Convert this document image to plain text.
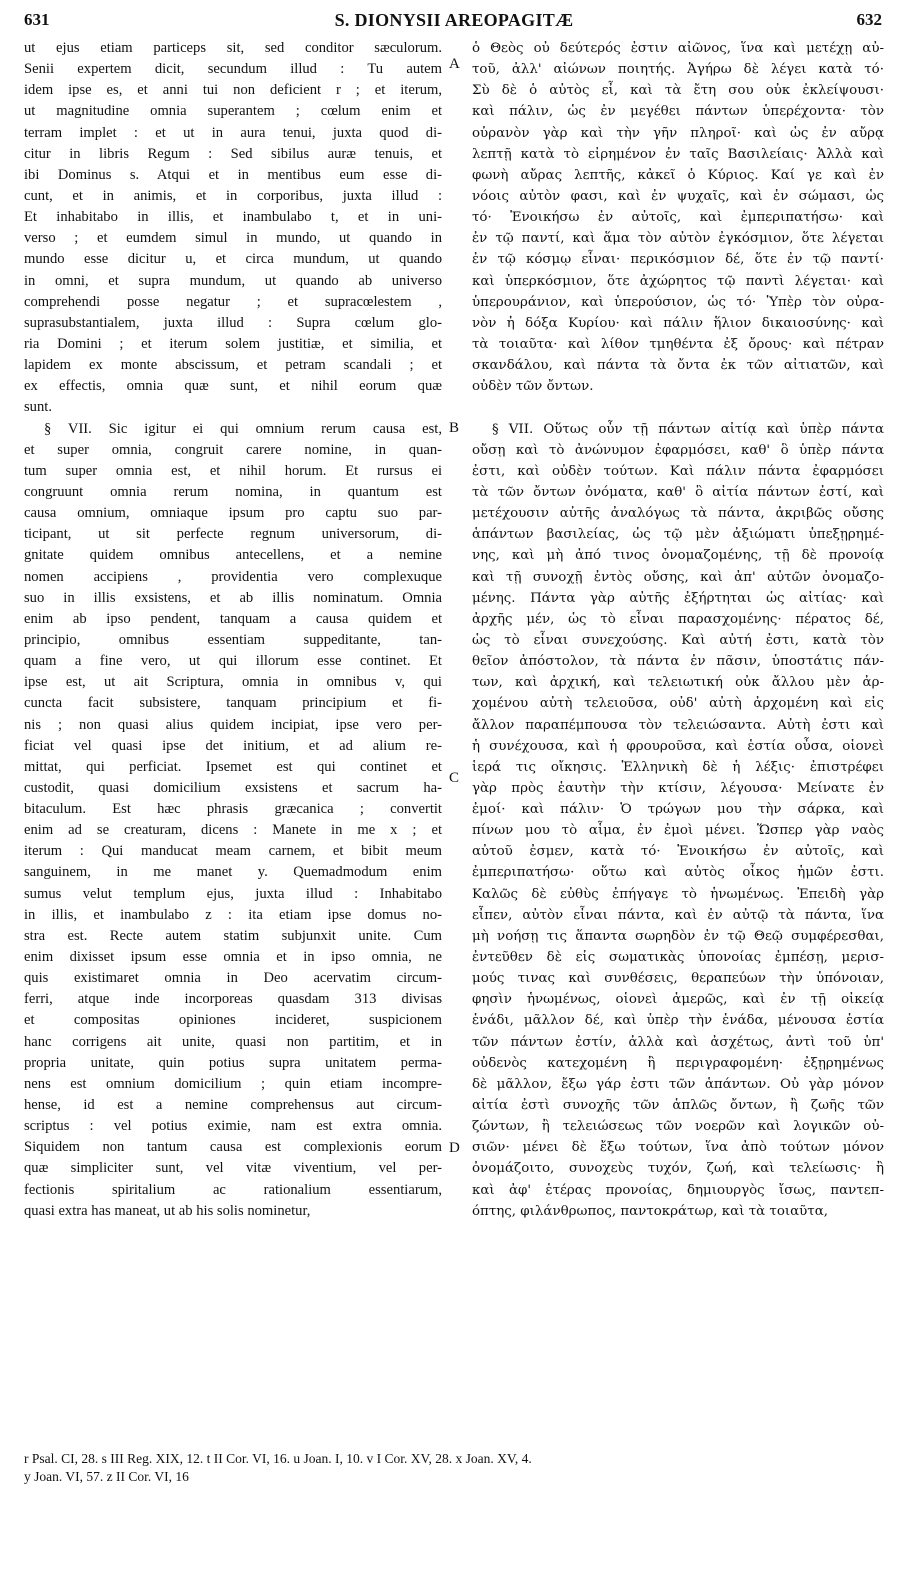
631	S. DIONYSII AREOPAGITÆ	632
ut ejus etiam particeps sit, sed conditor sæculorum.
Senii expertem dicit, secundum illud : Tu autem
idem ipse es, et anni tui non deficient r ; et iterum,
ut magnitudine omnia superantem ; cœlum enim et
terram implet : et ut in aura tenui, juxta quod di-
citur in libris Regum : Sed sibilus auræ tenuis, et
ibi Dominus s. Atqui et in mentibus eum esse di-
cunt, et in animis, et in corporibus, juxta illud :
Et inhabitabo in illis, et inambulabo t, et in uni-
verso ; et eumdem simul in mundo, ut quando in
mundo esse dicitur u, et circa mundum, ut quando
in omni, et supra mundum, ut quando ab universo
comprehendi posse negatur ; et supracœlestem ,
suprasubstantialem, juxta illud : Supra cœlum glo-
ria Domini ; et iterum solem justitiæ, et similia, et
lapidem ex monte abscissum, et petram scandali ; et
ex effectis, omnia quæ sunt, et nihil eorum quæ
sunt.
§ VII. Sic igitur ei qui omnium rerum causa est,
et super omnia, congruit carere nomine, in quan-
tum super omnia est, et nihil horum. Et rursus ei
congruunt omnia rerum nomina, in quantum est
causa omnium, omniaque ipsum pro captu suo par-
ticipant, ut sit perfecte regnum universorum, di-
gnitate quidem omnibus antecellens, et a nemine
nomen accipiens , providentia vero complexuque
suo in illis exsistens, et ab illis nominatum. Omnia
enim ab ipso pendent, tanquam a causa quidem et
principio, omnibus essentiam suppeditante, tan-
quam a fine vero, ut qui illorum esse continet. Et
ipse est, ut ait Scriptura, omnia in omnibus v, qui
cuncta facit subsistere, tanquam principium et fi-
nis ; non quasi alius quidem incipiat, ipse vero per-
ficiat vel quasi ipse det initium, et ad alium re-
mittat, qui perficiat. Ipsemet est qui continet et
custodit, quasi domicilium exsistens et sacrum ha-
bitaculum. Est hæc phrasis græcanica ; convertit
enim ad se creaturam, dicens : Manete in me x ; et
iterum : Qui manducat meam carnem, et bibit meum
sanguinem, in me manet y. Quemadmodum enim
sumus velut templum ejus, juxta illud : Inhabitabo
in illis, et inambulabo z : ita etiam ipse domus no-
stra est. Recte autem statim subjunxit unite. Cum
enim dixisset ipsum esse omnia et in ipso omnia, ne
quis existimaret omnia in Deo acervatim circum-
ferri, atque inde incorporeas quasdam 313 divisas
et compositas opiniones incideret, suspicionem
hanc corrigens ait unite, quasi non partitim, et in
propria unitate, quin potius supra unitatem perma-
nens est omnium domicilium ; quin etiam incompre-
hense, id est a nemine comprehensus aut circum-
scriptus : vel potius eximie, nam est extra omnia.
Siquidem non tantum causa est complexionis eorum
quæ simpliciter sunt, vel vitæ viventium, vel per-
fectionis spiritalium ac rationalium essentiarum,
quasi extra has maneat, ut ab his solis nominetur,
ὁ Θεὸς οὐ δεύτερός ἐστιν αἰῶνος, ἵνα καὶ μετέχῃ αὐ-
τοῦ, ἀλλ' αἰώνων ποιητής. Ἀγήρω δὲ λέγει κατὰ τό·
Σὺ δὲ ὁ αὐτὸς εἶ, καὶ τὰ ἔτη σου οὐκ ἐκλείψουσι·
καὶ πάλιν, ὡς ἐν μεγέθει πάντων ὑπερέχοντα· τὸν
οὐρανὸν γὰρ καὶ τὴν γῆν πληροῖ· καὶ ὡς ἐν αὔρᾳ
λεπτῇ κατὰ τὸ εἰρημένον ἐν ταῖς Βασιλείαις· Ἀλλὰ καὶ
φωνὴ αὔρας λεπτῆς, κἀκεῖ ὁ Κύριος. Καί γε καὶ ἐν
νόοις αὐτὸν φασι, καὶ ἐν ψυχαῖς, καὶ ἐν σώμασι, ὡς
τό· Ἐνοικήσω ἐν αὐτοῖς, καὶ ἐμπεριπατήσω· καὶ
ἐν τῷ παντί, καὶ ἅμα τὸν αὐτὸν ἐγκόσμιον, ὅτε λέγεται
ἐν τῷ κόσμῳ εἶναι· περικόσμιον δέ, ὅτε ἐν τῷ παντί·
καὶ ὑπερκόσμιον, ὅτε ἀχώρητος τῷ παντὶ λέγεται· καὶ
ὑπερουράνιον, καὶ ὑπερούσιον, ὡς τό· Ὑπὲρ τὸν οὐρα-
νὸν ἡ δόξα Κυρίου· καὶ πάλιν ἥλιον δικαιοσύνης· καὶ
τὰ τοιαῦτα· καὶ λίθον τμηθέντα ἐξ ὄρους· καὶ πέτραν
σκανδάλου, καὶ πάντα τὰ ὄντα ἐκ τῶν αἰτιατῶν, καὶ
οὐδὲν τῶν ὄντων.
§ VII. Οὕτως οὖν τῇ πάντων αἰτίᾳ καὶ ὑπὲρ πάντα
οὔσῃ καὶ τὸ ἀνώνυμον ἐφαρμόσει, καθ' ὃ ὑπὲρ πάντα
ἐστι, καὶ οὐδὲν τούτων. Καὶ πάλιν πάντα ἐφαρμόσει
τὰ τῶν ὄντων ὀνόματα, καθ' ὃ αἰτία πάντων ἐστί, καὶ
μετέχουσιν αὐτῆς ἀναλόγως τὰ πάντα, ἀκριβῶς οὔσης
ἁπάντων βασιλείας, ὡς τῷ μὲν ἀξιώματι ὑπεξῃρημέ-
νης, καὶ μὴ ἀπό τινος ὀνομαζομένης, τῇ δὲ προνοίᾳ
καὶ τῇ συνοχῇ ἐντὸς οὔσης, καὶ ἀπ' αὐτῶν ὀνομαζο-
μένης. Πάντα γὰρ αὐτῆς ἐξήρτηται ὡς αἰτίας· καὶ
ἀρχῆς μέν, ὡς τὸ εἶναι παρασχομένης· πέρατος δέ,
ὡς τὸ εἶναι συνεχούσης. Καὶ αὐτή ἐστι, κατὰ τὸν
θεῖον ἀπόστολον, τὰ πάντα ἐν πᾶσιν, ὑποστάτις πάν-
των, καὶ ἀρχική, καὶ τελειωτική οὐκ ἄλλου μὲν ἀρ-
χομένου αὐτὴ τελειοῦσα, οὐδ' αὐτὴ ἀρχομένη καὶ εἰς
ἄλλον παραπέμπουσα τὸν τελειώσαντα. Αὐτὴ ἐστι καὶ
ἡ συνέχουσα, καὶ ἡ φρουροῦσα, καὶ ἑστία οὖσα, οἱονεὶ
ἱερά τις οἴκησις. Ἑλληνικὴ δὲ ἡ λέξις· ἐπιστρέφει
γὰρ πρὸς ἑαυτὴν τὴν κτίσιν, λέγουσα· Μείνατε ἐν
ἐμοί· καὶ πάλιν· Ὁ τρώγων μου τὴν σάρκα, καὶ
πίνων μου τὸ αἷμα, ἐν ἐμοὶ μένει. Ὥσπερ γὰρ ναὸς
αὐτοῦ ἐσμεν, κατὰ τό· Ἐνοικήσω ἐν αὐτοῖς, καὶ
ἐμπεριπατήσω· οὕτω καὶ αὐτὸς οἶκος ἡμῶν ἐστι.
Καλῶς δὲ εὐθὺς ἐπήγαγε τὸ ἡνωμένως. Ἐπειδὴ γὰρ
εἶπεν, αὐτὸν εἶναι πάντα, καὶ ἐν αὐτῷ τὰ πάντα, ἵνα
μὴ νοήσῃ τις ἅπαντα σωρηδὸν ἐν τῷ Θεῷ συμφέρεσθαι,
ἐντεῦθεν δὲ εἰς σωματικὰς ὑπονοίας ἐμπέσῃ, μερισ-
μούς τινας καὶ συνθέσεις, θεραπεύων τὴν ὑπόνοιαν,
φησὶν ἡνωμένως, οἱονεὶ ἀμερῶς, καὶ ἐν τῇ οἰκείᾳ
ἑνάδι, μᾶλλον δέ, καὶ ὑπὲρ τὴν ἑνάδα, μένουσα ἑστία
τῶν πάντων ἐστίν, ἀλλὰ καὶ ἀσχέτως, ἀντὶ τοῦ ὑπ'
οὐδενὸς κατεχομένη ἢ περιγραφομένη· ἐξῃρημένως
δὲ μᾶλλον, ἔξω γάρ ἐστι τῶν ἁπάντων. Οὐ γὰρ μόνον
αἰτία ἐστὶ συνοχῆς τῶν ἁπλῶς ὄντων, ἢ ζωῆς τῶν
ζώντων, ἢ τελειώσεως τῶν νοερῶν καὶ λογικῶν οὐ-
σιῶν· μένει δὲ ἔξω τούτων, ἵνα ἀπὸ τούτων μόνον
ὀνομάζοιτο, συνοχεὺς τυχόν, ζωή, καὶ τελείωσις· ἢ
καὶ ἀφ' ἑτέρας προνοίας, δημιουργὸς ἴσως, παντεπ-
όπτης, φιλάνθρωπος, παντοκράτωρ, καὶ τὰ τοιαῦτα,
A
B
C
D
r Psal. CI, 28. s III Reg. XIX, 12. t II Cor. VI, 16. u Joan. I, 10. v I Cor. XV, 28. x Joan. XV, 4.
y Joan. VI, 57. z II Cor. VI, 16
